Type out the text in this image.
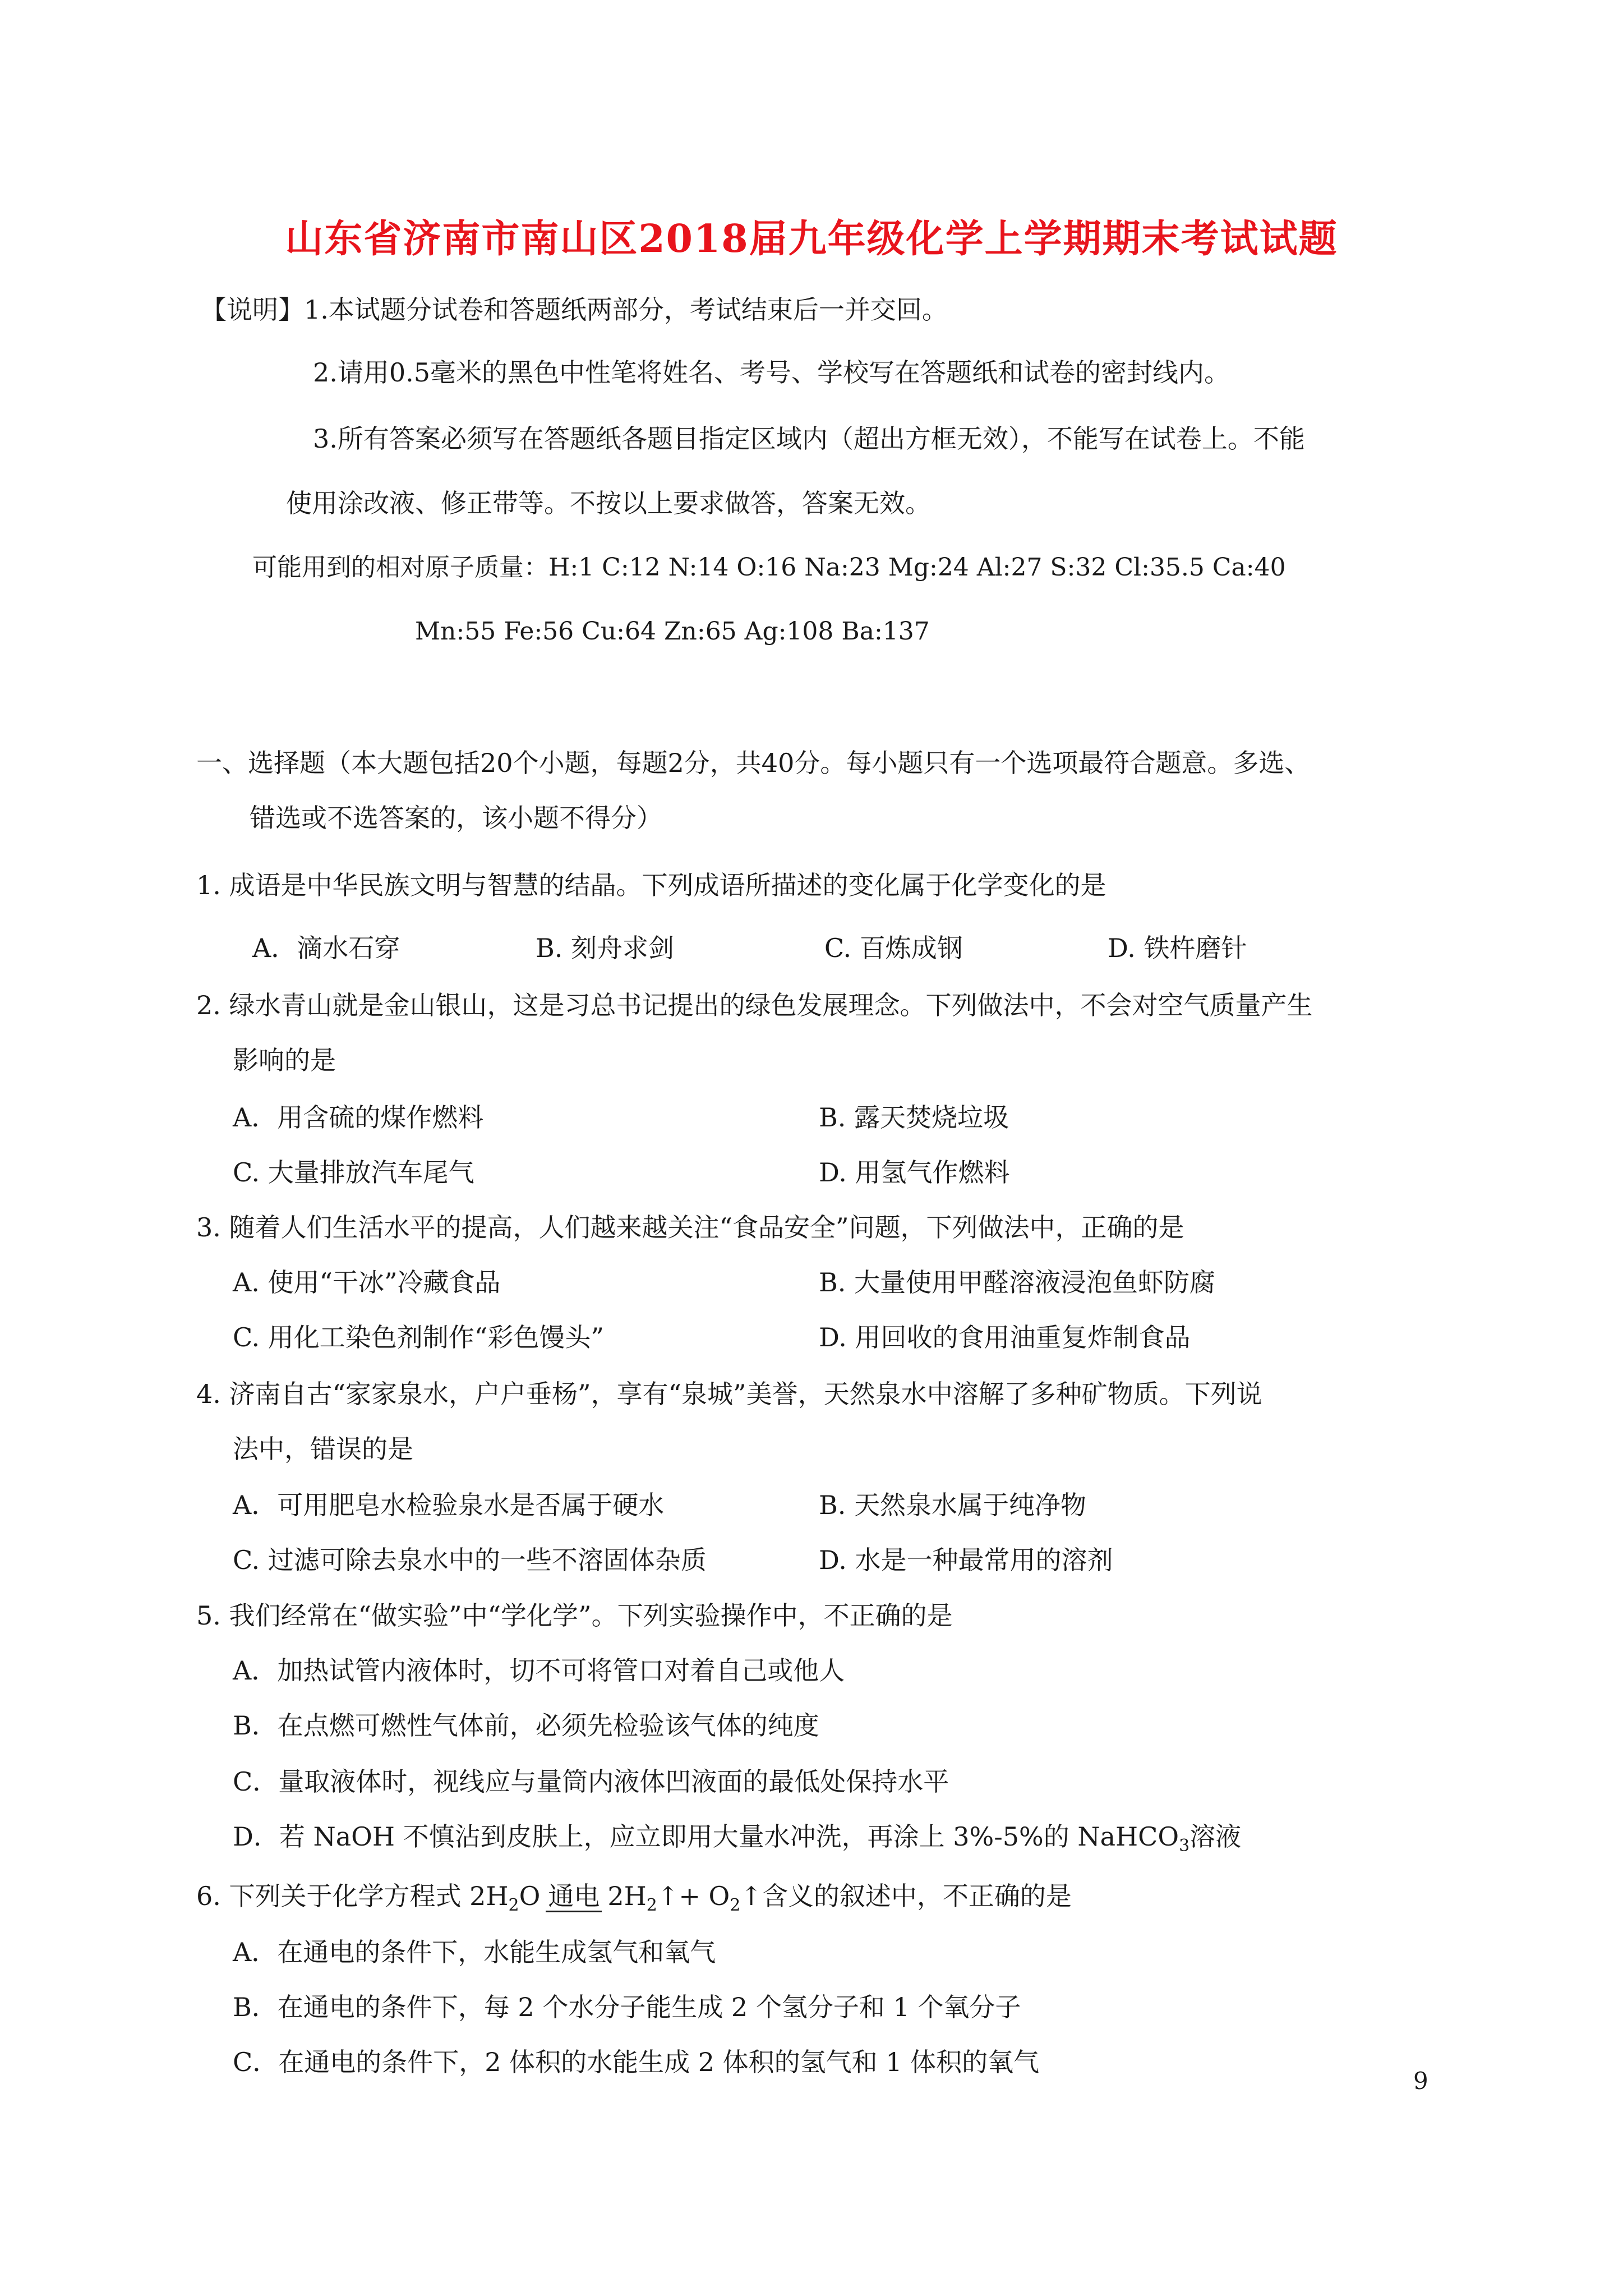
山东省济南市南山区2018届九年级化学上学期期末考试试题
【说明】1.本试题分试卷和答题纸两部分，考试结束后一并交回。
2.请用0.5毫米的黑色中性笔将姓名、考号、学校写在答题纸和试卷的密封线内。
3.所有答案必须写在答题纸各题目指定区域内（超出方框无效），不能写在试卷上。不能
使用涂改液、修正带等。不按以上要求做答，答案无效。
可能用到的相对原子质量：H:1 C:12 N:14 O:16 Na:23 Mg:24 Al:27 S:32 Cl:35.5 Ca:40
Mn:55 Fe:56 Cu:64 Zn:65 Ag:108 Ba:137
一、选择题（本大题包括20个小题，每题2分，共40分。每小题只有一个选项最符合题意。多选、
错选或不选答案的，该小题不得分）
1. 成语是中华民族文明与智慧的结晶。下列成语所描述的变化属于化学变化的是
A．滴水石穿	B. 刻舟求剑	C. 百炼成钢	D. 铁杵磨针
2. 绿水青山就是金山银山，这是习总书记提出的绿色发展理念。下列做法中，不会对空气质量产生
影响的是
A．用含硫的煤作燃料	B. 露天焚烧垃圾
C. 大量排放汽车尾气	D. 用氢气作燃料
3. 随着人们生活水平的提高，人们越来越关注“食品安全”问题，下列做法中，正确的是
A. 使用“干冰”冷藏食品	B. 大量使用甲醛溶液浸泡鱼虾防腐
C. 用化工染色剂制作“彩色馒头”	D. 用回收的食用油重复炸制食品
4. 济南自古“家家泉水，户户垂杨”，享有“泉城”美誉，天然泉水中溶解了多种矿物质。下列说
法中，错误的是
A．可用肥皂水检验泉水是否属于硬水	B. 天然泉水属于纯净物
C. 过滤可除去泉水中的一些不溶固体杂质	D. 水是一种最常用的溶剂
5. 我们经常在“做实验”中“学化学”。下列实验操作中，不正确的是
A．加热试管内液体时，切不可将管口对着自己或他人
B．在点燃可燃性气体前，必须先检验该气体的纯度
C．量取液体时，视线应与量筒内液体凹液面的最低处保持水平
D．若 NaOH 不慎沾到皮肤上，应立即用大量水冲洗，再涂上 3%-5%的 NaHCO$_3$溶液
6. 下列关于化学方程式 $2H_2O$ 通电 $2H_2↑+$ $O_2↑$含义的叙述中，不正确的是
A．在通电的条件下，水能生成氢气和氧气
B．在通电的条件下，每 2 个水分子能生成 2 个氢分子和 1 个氧分子
C．在通电的条件下，2 体积的水能生成 2 体积的氢气和 1 体积的氧气
9
